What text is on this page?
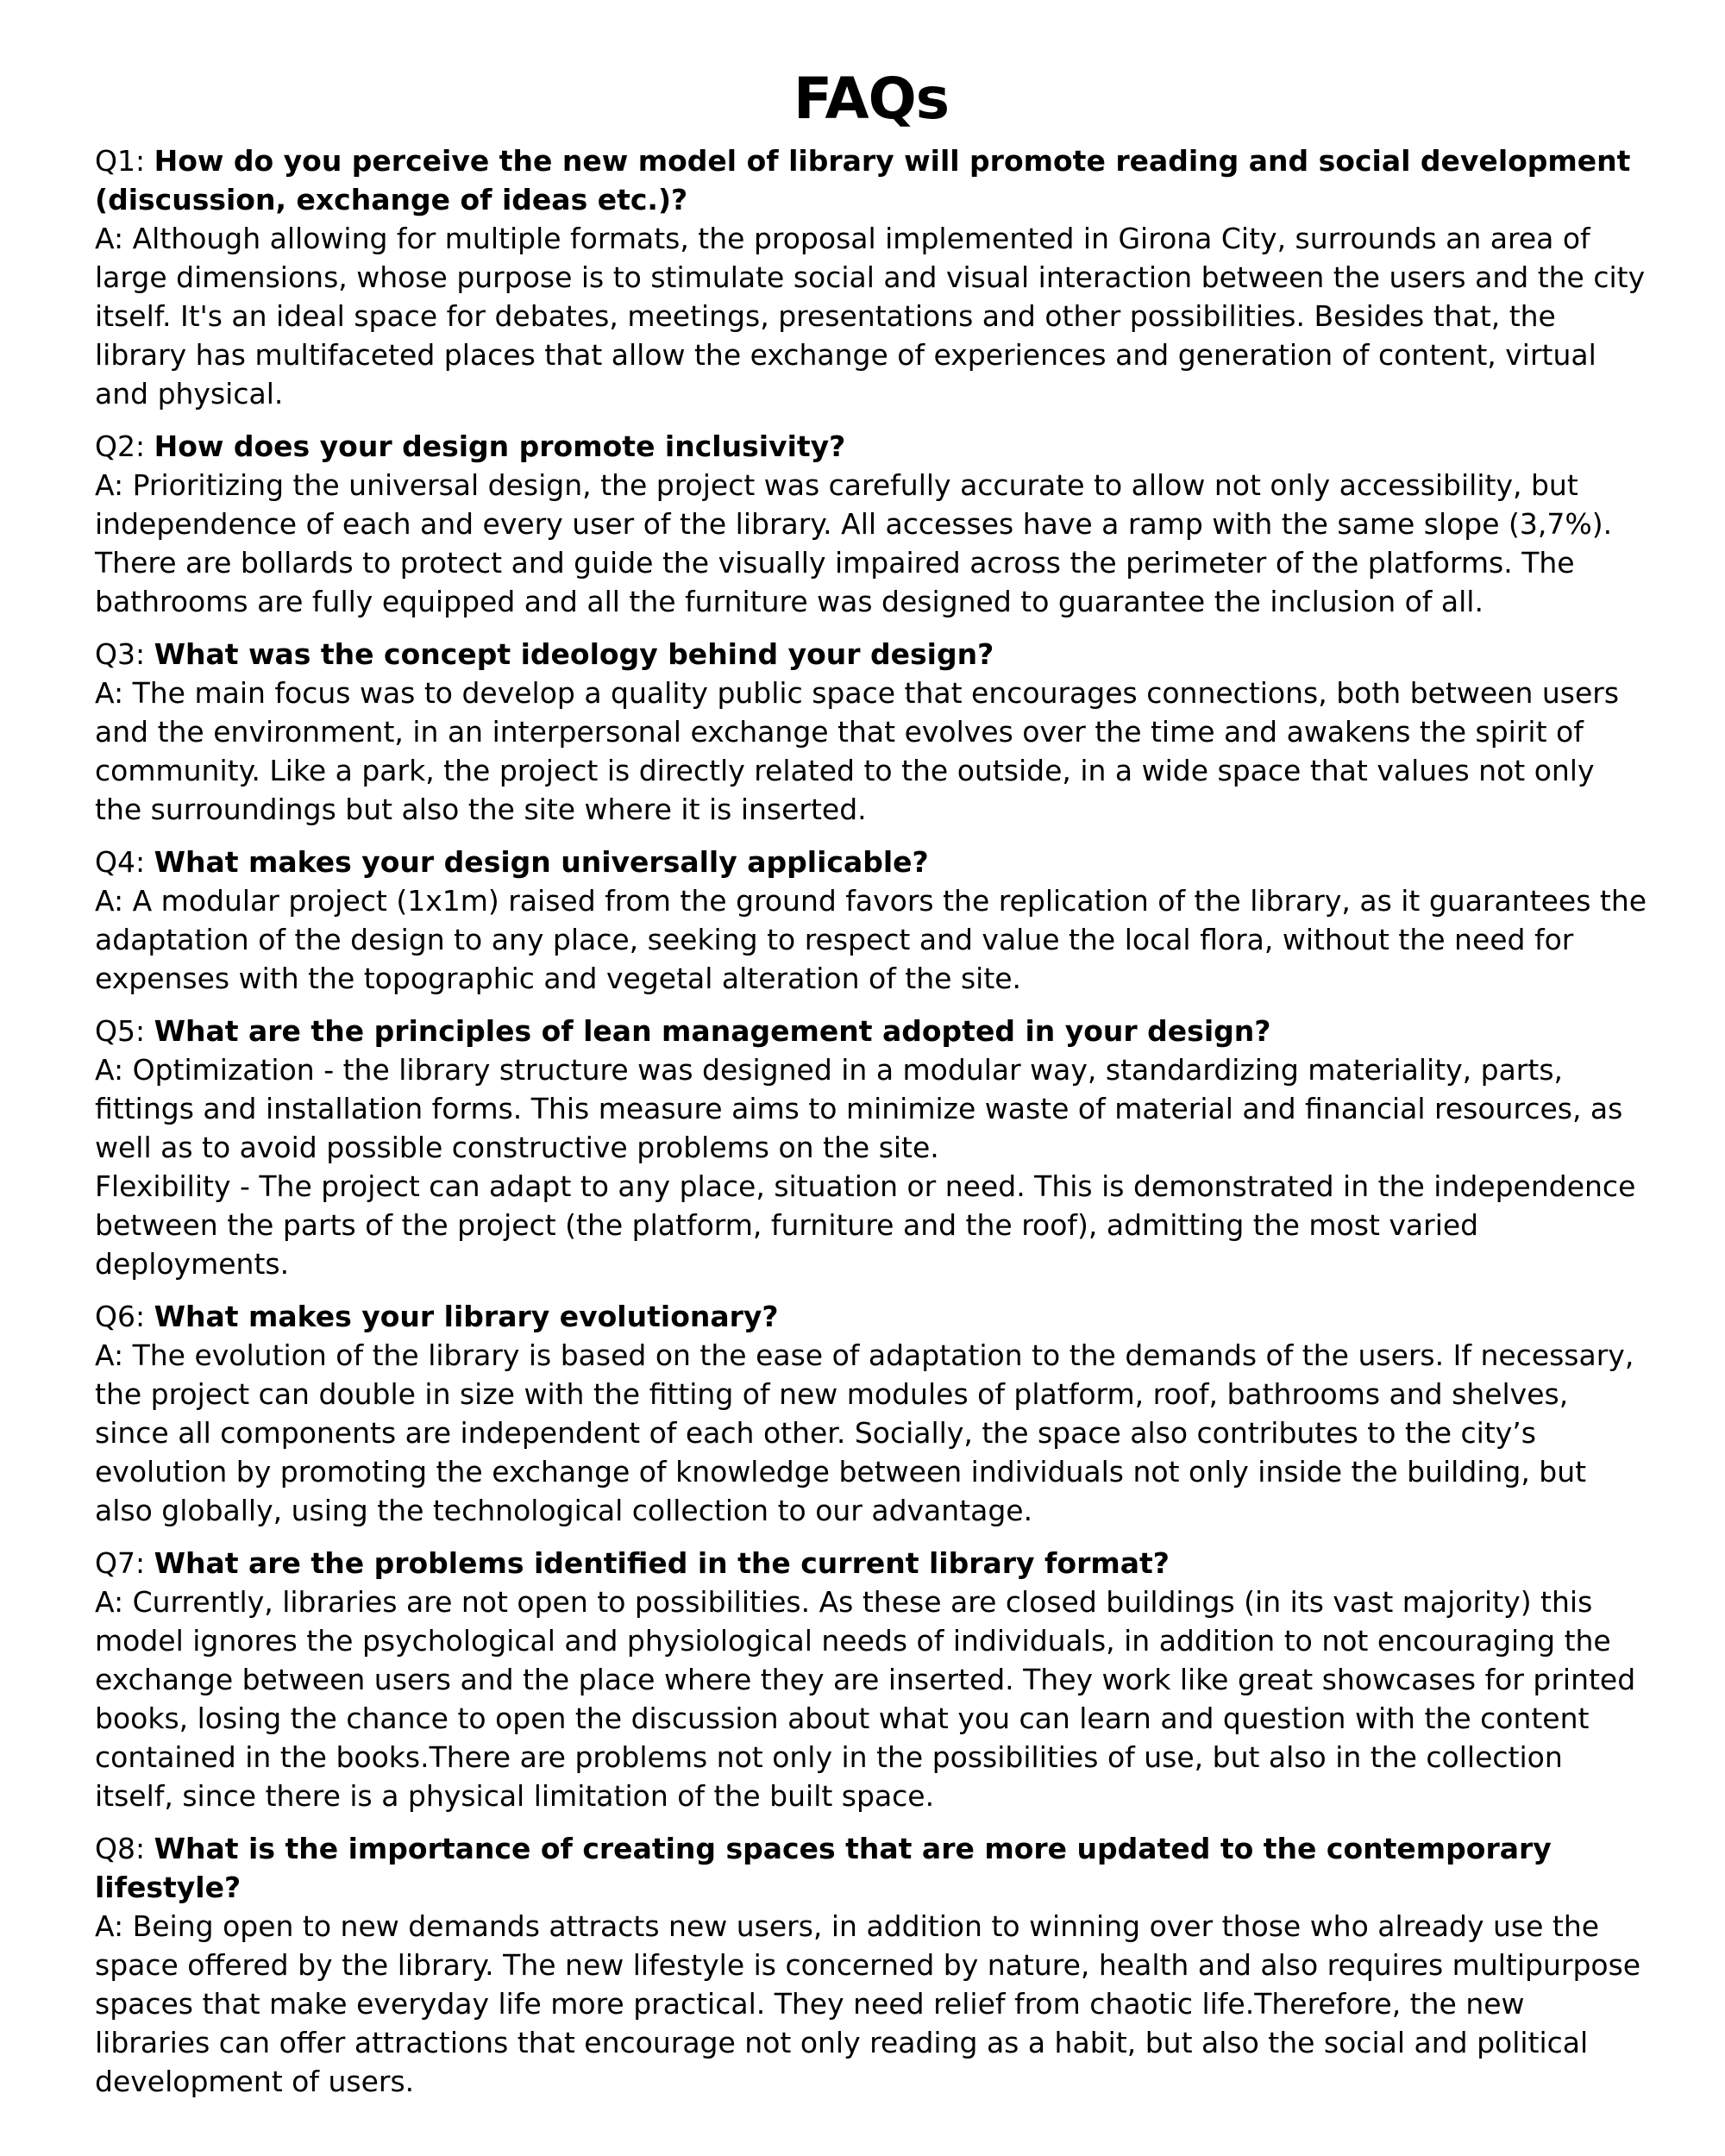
FAQs

Q1: How do you perceive the new model of library will promote reading and social development (discussion, exchange of ideas etc.)?

A: Although allowing for multiple formats, the proposal implemented in Girona City, surrounds an area of large dimensions, whose purpose is to stimulate social and visual interaction between the users and the city itself. It's an ideal space for debates, meetings, presentations and other possibilities. Besides that, the library has multifaceted places that allow the exchange of experiences and generation of content, virtual and physical.

Q2: How does your design promote inclusivity?

A: Prioritizing the universal design, the project was carefully accurate to allow not only accessibility, but independence of each and every user of the library. All accesses have a ramp with the same slope (3,7%). There are bollards to protect and guide the visually impaired across the perimeter of the platforms. The bathrooms are fully equipped and all the furniture was designed to guarantee the inclusion of all.

Q3: What was the concept ideology behind your design?

A: The main focus was to develop a quality public space that encourages connections, both between users and the environment, in an interpersonal exchange that evolves over the time and awakens the spirit of community. Like a park, the project is directly related to the outside, in a wide space that values not only the surroundings but also the site where it is inserted.

Q4: What makes your design universally applicable?

A: A modular project (1x1m) raised from the ground favors the replication of the library, as it guarantees the adaptation of the design to any place, seeking to respect and value the local flora, without the need for expenses with the topographic and vegetal alteration of the site.

Q5: What are the principles of lean management adopted in your design?

A: Optimization - the library structure was designed in a modular way, standardizing materiality, parts, fittings and installation forms. This measure aims to minimize waste of material and financial resources, as well as to avoid possible constructive problems on the site.

Flexibility - The project can adapt to any place, situation or need. This is demonstrated in the independence between the parts of the project (the platform, furniture and the roof), admitting the most varied deployments.

Q6: What makes your library evolutionary?

A: The evolution of the library is based on the ease of adaptation to the demands of the users. If necessary, the project can double in size with the fitting of new modules of platform, roof, bathrooms and shelves, since all components are independent of each other. Socially, the space also contributes to the city’s evolution by promoting the exchange of knowledge between individuals not only inside the building, but also globally, using the technological collection to our advantage.

Q7: What are the problems identified in the current library format?

A: Currently, libraries are not open to possibilities. As these are closed buildings (in its vast majority) this model ignores the psychological and physiological needs of individuals, in addition to not encouraging the exchange between users and the place where they are inserted. They work like great showcases for printed books, losing the chance to open the discussion about what you can learn and question with the content contained in the books.There are problems not only in the possibilities of use, but also in the collection itself, since there is a physical limitation of the built space.

Q8: What is the importance of creating spaces that are more updated to the contemporary lifestyle?

A: Being open to new demands attracts new users, in addition to winning over those who already use the space offered by the library. The new lifestyle is concerned by nature, health and also requires multipurpose spaces that make everyday life more practical. They need relief from chaotic life.Therefore, the new libraries can offer attractions that encourage not only reading as a habit, but also the social and political development of users.
